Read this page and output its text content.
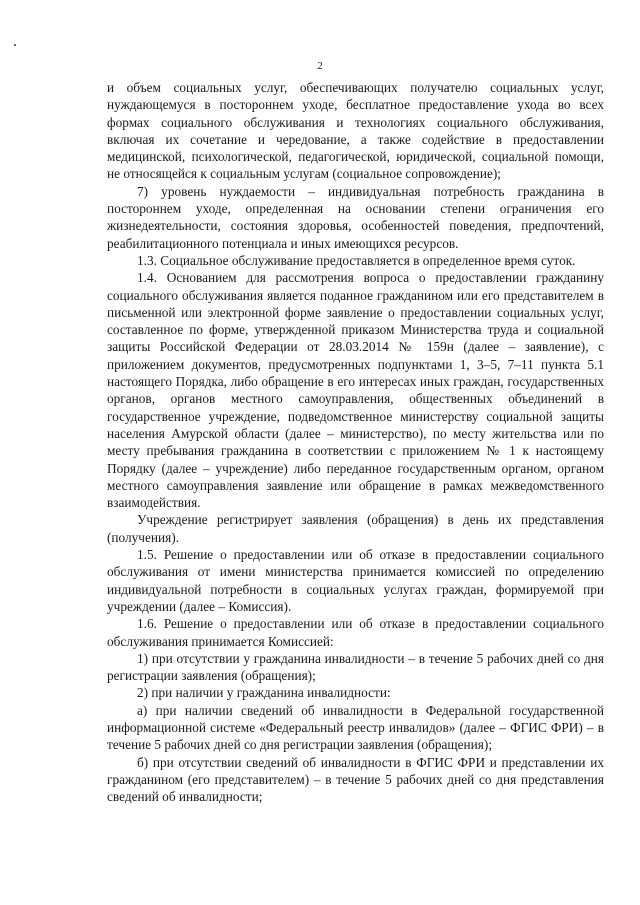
2

и объем социальных услуг, обеспечивающих получателю социальных услуг, нуждающемуся в постороннем уходе, бесплатное предоставление ухода во всех формах социального обслуживания и технологиях социального обслуживания, включая их сочетание и чередование, а также содействие в предоставлении медицинской, психологической, педагогической, юридической, социальной помощи, не относящейся к социальным услугам (социальное сопровождение);

7) уровень нуждаемости – индивидуальная потребность гражданина в постороннем уходе, определенная на основании степени ограничения его жизнедеятельности, состояния здоровья, особенностей поведения, предпочтений, реабилитационного потенциала и иных имеющихся ресурсов.

1.3. Социальное обслуживание предоставляется в определенное время суток.

1.4. Основанием для рассмотрения вопроса о предоставлении гражданину социального обслуживания является поданное гражданином или его представителем в письменной или электронной форме заявление о предоставлении социальных услуг, составленное по форме, утвержденной приказом Министерства труда и социальной защиты Российской Федерации от 28.03.2014 № 159н (далее – заявление), с приложением документов, предусмотренных подпунктами 1, 3–5, 7–11 пункта 5.1 настоящего Порядка, либо обращение в его интересах иных граждан, государственных органов, органов местного самоуправления, общественных объединений в государственное учреждение, подведомственное министерству социальной защиты населения Амурской области (далее – министерство), по месту жительства или по месту пребывания гражданина в соответствии с приложением № 1 к настоящему Порядку (далее – учреждение) либо переданное государственным органом, органом местного самоуправления заявление или обращение в рамках межведомственного взаимодействия.

Учреждение регистрирует заявления (обращения) в день их представления (получения).

1.5. Решение о предоставлении или об отказе в предоставлении социального обслуживания от имени министерства принимается комиссией по определению индивидуальной потребности в социальных услугах граждан, формируемой при учреждении (далее – Комиссия).

1.6. Решение о предоставлении или об отказе в предоставлении социального обслуживания принимается Комиссией:

1) при отсутствии у гражданина инвалидности – в течение 5 рабочих дней со дня регистрации заявления (обращения);

2) при наличии у гражданина инвалидности:

а) при наличии сведений об инвалидности в Федеральной государственной информационной системе «Федеральный реестр инвалидов» (далее – ФГИС ФРИ) – в течение 5 рабочих дней со дня регистрации заявления (обращения);

б) при отсутствии сведений об инвалидности в ФГИС ФРИ и представлении их гражданином (его представителем) – в течение 5 рабочих дней со дня представления сведений об инвалидности;
